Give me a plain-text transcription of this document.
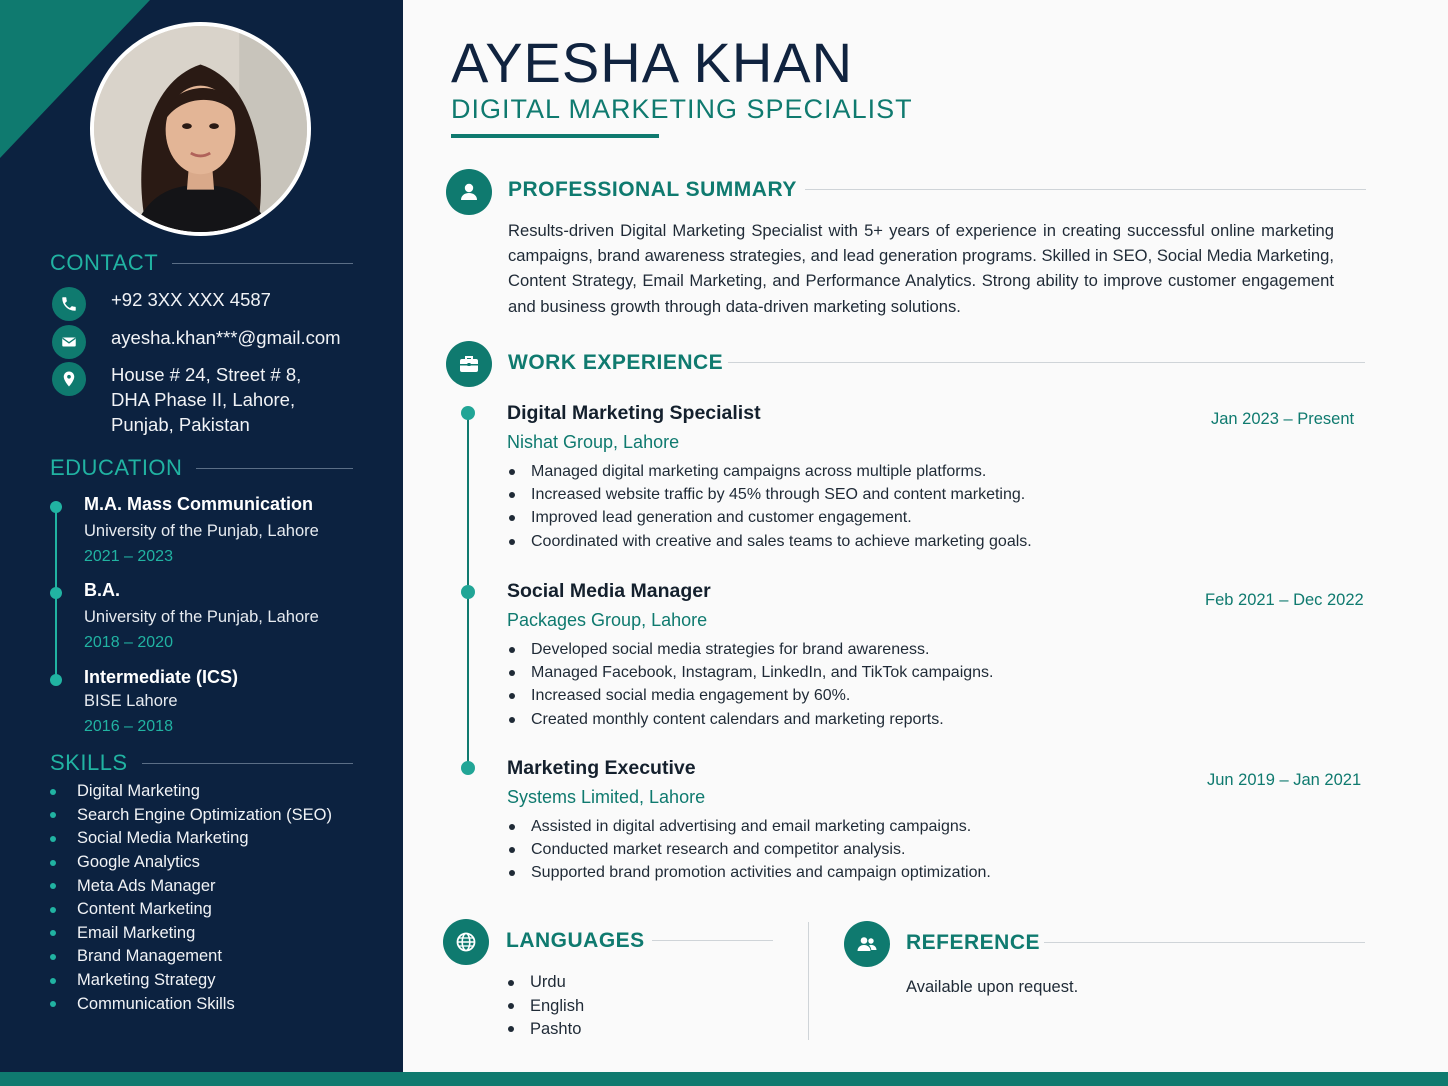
CONTACT
+92 3XX XXX 4587
ayesha.khan***@gmail.com
House # 24, Street # 8,
DHA Phase II, Lahore,
Punjab, Pakistan
EDUCATION
M.A. Mass Communication
University of the Punjab, Lahore
2021 – 2023
B.A.
University of the Punjab, Lahore
2018 – 2020
Intermediate (ICS)
BISE Lahore
2016 – 2018
SKILLS
Digital Marketing
Search Engine Optimization (SEO)
Social Media Marketing
Google Analytics
Meta Ads Manager
Content Marketing
Email Marketing
Brand Management
Marketing Strategy
Communication Skills
AYESHA KHAN
DIGITAL MARKETING SPECIALIST
PROFESSIONAL SUMMARY
Results-driven Digital Marketing Specialist with 5+ years of experience in creating successful online marketing campaigns, brand awareness strategies, and lead generation programs. Skilled in SEO, Social Media Marketing, Content Strategy, Email Marketing, and Performance Analytics. Strong ability to improve customer engagement and business growth through data-driven marketing solutions.
WORK EXPERIENCE
Digital Marketing Specialist
Nishat Group, Lahore
Jan 2023 – Present
Managed digital marketing campaigns across multiple platforms.
Increased website traffic by 45% through SEO and content marketing.
Improved lead generation and customer engagement.
Coordinated with creative and sales teams to achieve marketing goals.
Social Media Manager
Packages Group, Lahore
Feb 2021 – Dec 2022
Developed social media strategies for brand awareness.
Managed Facebook, Instagram, LinkedIn, and TikTok campaigns.
Increased social media engagement by 60%.
Created monthly content calendars and marketing reports.
Marketing Executive
Systems Limited, Lahore
Jun 2019 – Jan 2021
Assisted in digital advertising and email marketing campaigns.
Conducted market research and competitor analysis.
Supported brand promotion activities and campaign optimization.
LANGUAGES
Urdu
English
Pashto
REFERENCE
Available upon request.
